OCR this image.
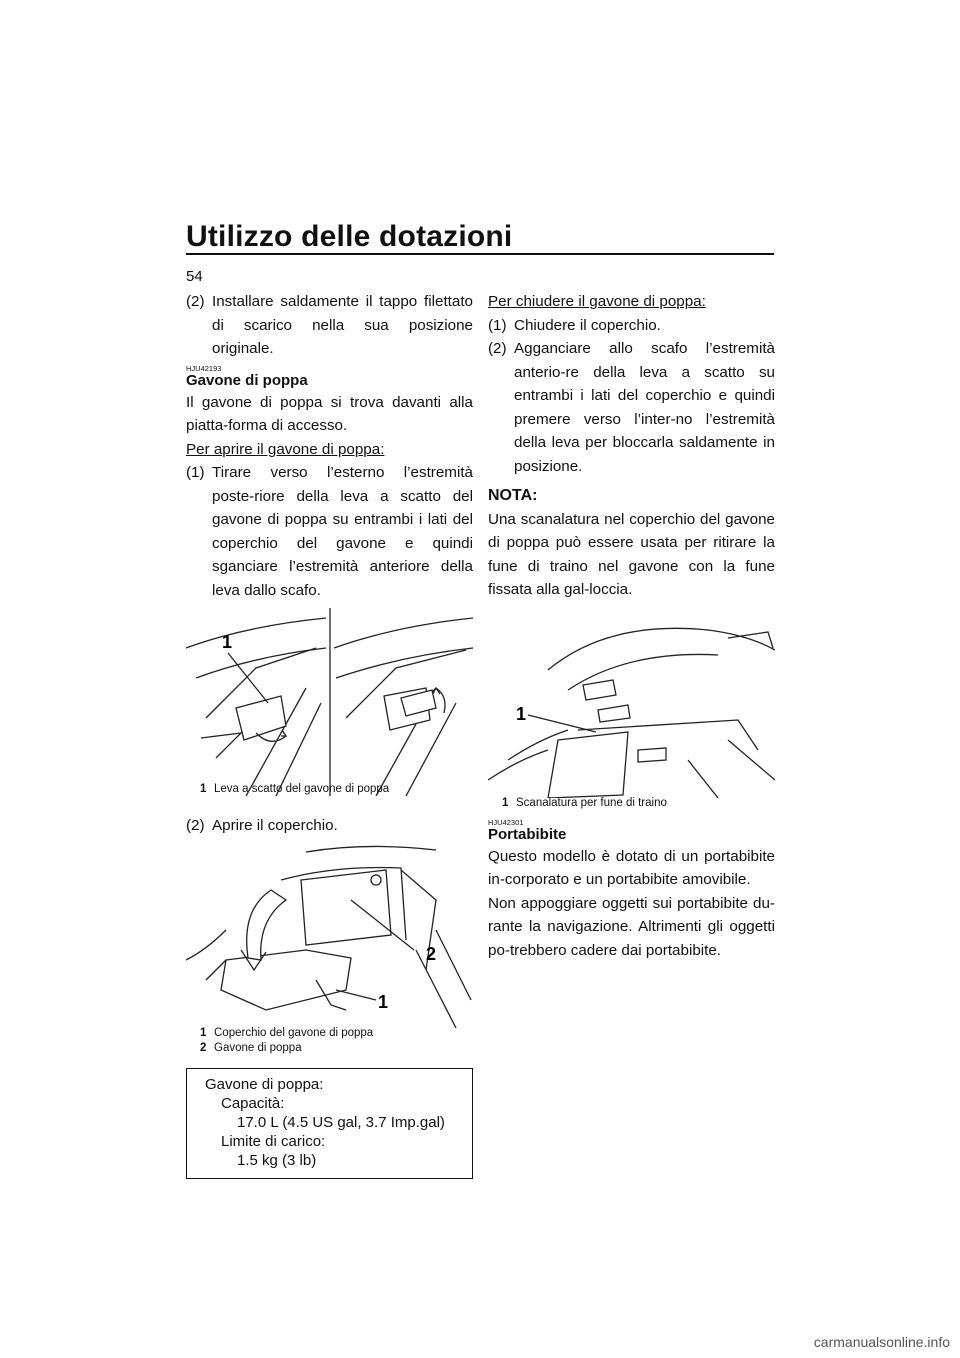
Utilizzo delle dotazioni
54
(2) Installare saldamente il tappo filettato di scarico nella sua posizione originale.
HJU42193
Gavone di poppa

Il gavone di poppa si trova davanti alla piatta-forma di accesso.

Per aprire il gavone di poppa:
(1) Tirare verso l’esterno l’estremità poste-riore della leva a scatto del gavone di poppa su entrambi i lati del coperchio del gavone e quindi sganciare l’estremità anteriore della leva dallo scafo.
1
1 Leva a scatto del gavone di poppa
(2) Aprire il coperchio.
2
1
1 Coperchio del gavone di poppa
2 Gavone di poppa
Gavone di poppa:
Capacità:
17.0 L (4.5 US gal, 3.7 Imp.gal)
Limite di carico:
1.5 kg (3 lb)
Per chiudere il gavone di poppa:
(1) Chiudere il coperchio.
(2) Agganciare allo scafo l’estremità anterio-re della leva a scatto su entrambi i lati del coperchio e quindi premere verso l’inter-no l’estremità della leva per bloccarla saldamente in posizione.
NOTA:

Una scanalatura nel coperchio del gavone di poppa può essere usata per ritirare la fune di traino nel gavone con la fune fissata alla gal-loccia.

1
1 Scanalatura per fune di traino
HJU42301
Portabibite

Questo modello è dotato di un portabibite in-corporato e un portabibite amovibile.

Non appoggiare oggetti sui portabibite du-rante la navigazione. Altrimenti gli oggetti po-trebbero cadere dai portabibite.

carmanualsonline.info
